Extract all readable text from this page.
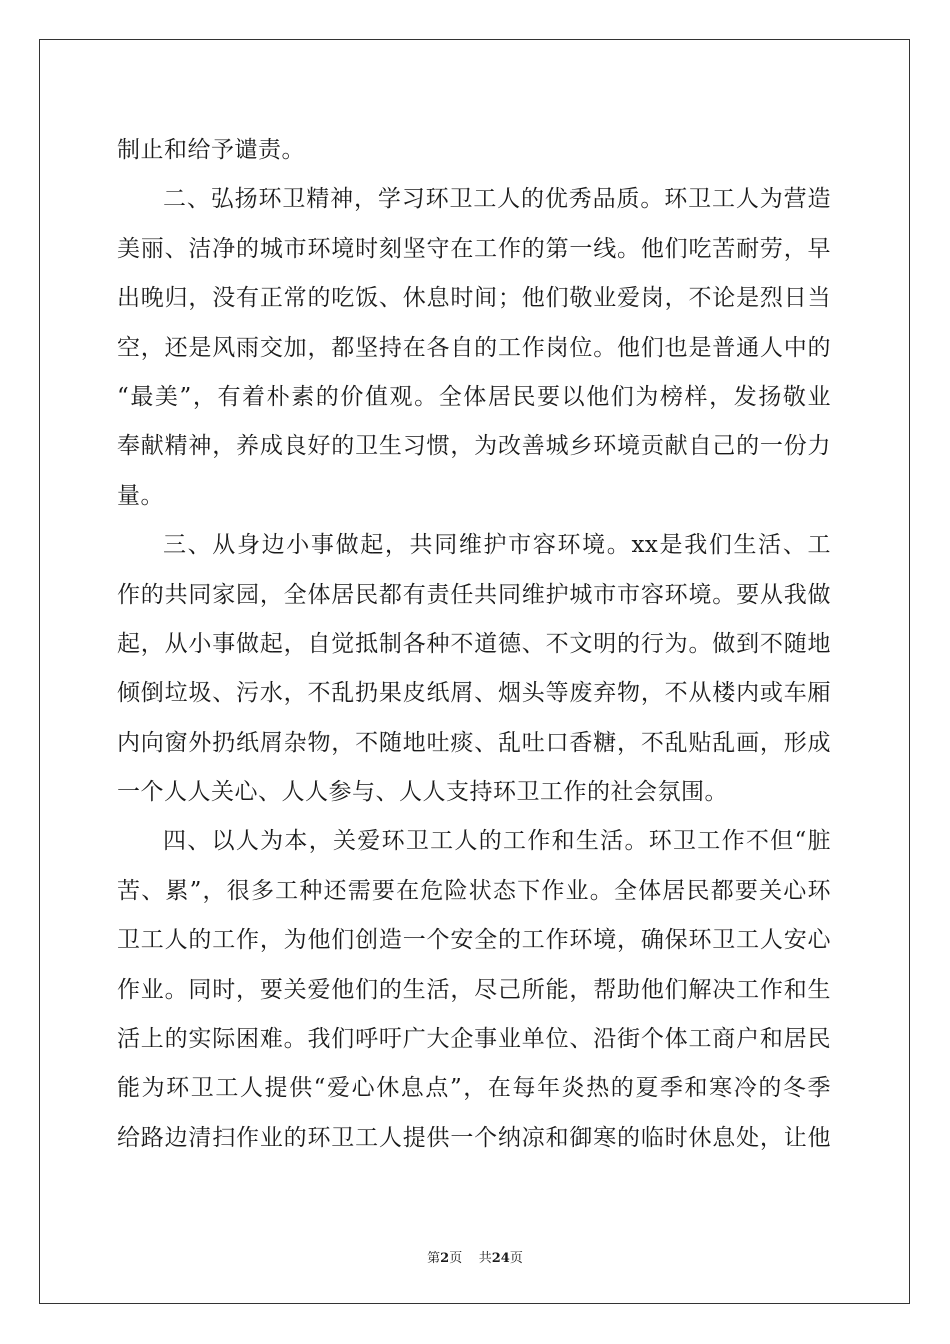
制止和给予谴责。
二、弘扬环卫精神，学习环卫工人的优秀品质。环卫工人为营造
美丽、洁净的城市环境时刻坚守在工作的第一线。他们吃苦耐劳，早
出晚归，没有正常的吃饭、休息时间；他们敬业爱岗，不论是烈日当
空，还是风雨交加，都坚持在各自的工作岗位。他们也是普通人中的
“最美”，有着朴素的价值观。全体居民要以他们为榜样，发扬敬业
奉献精神，养成良好的卫生习惯，为改善城乡环境贡献自己的一份力
量。
三、从身边小事做起，共同维护市容环境。xx是我们生活、工
作的共同家园，全体居民都有责任共同维护城市市容环境。要从我做
起，从小事做起，自觉抵制各种不道德、不文明的行为。做到不随地
倾倒垃圾、污水，不乱扔果皮纸屑、烟头等废弃物，不从楼内或车厢
内向窗外扔纸屑杂物，不随地吐痰、乱吐口香糖，不乱贴乱画，形成
一个人人关心、人人参与、人人支持环卫工作的社会氛围。
四、以人为本，关爱环卫工人的工作和生活。环卫工作不但“脏
苦、累”，很多工种还需要在危险状态下作业。全体居民都要关心环
卫工人的工作，为他们创造一个安全的工作环境，确保环卫工人安心
作业。同时，要关爱他们的生活，尽己所能，帮助他们解决工作和生
活上的实际困难。我们呼吁广大企事业单位、沿街个体工商户和居民
能为环卫工人提供“爱心休息点”，在每年炎热的夏季和寒冷的冬季
给路边清扫作业的环卫工人提供一个纳凉和御寒的临时休息处，让他
第2页 共24页
